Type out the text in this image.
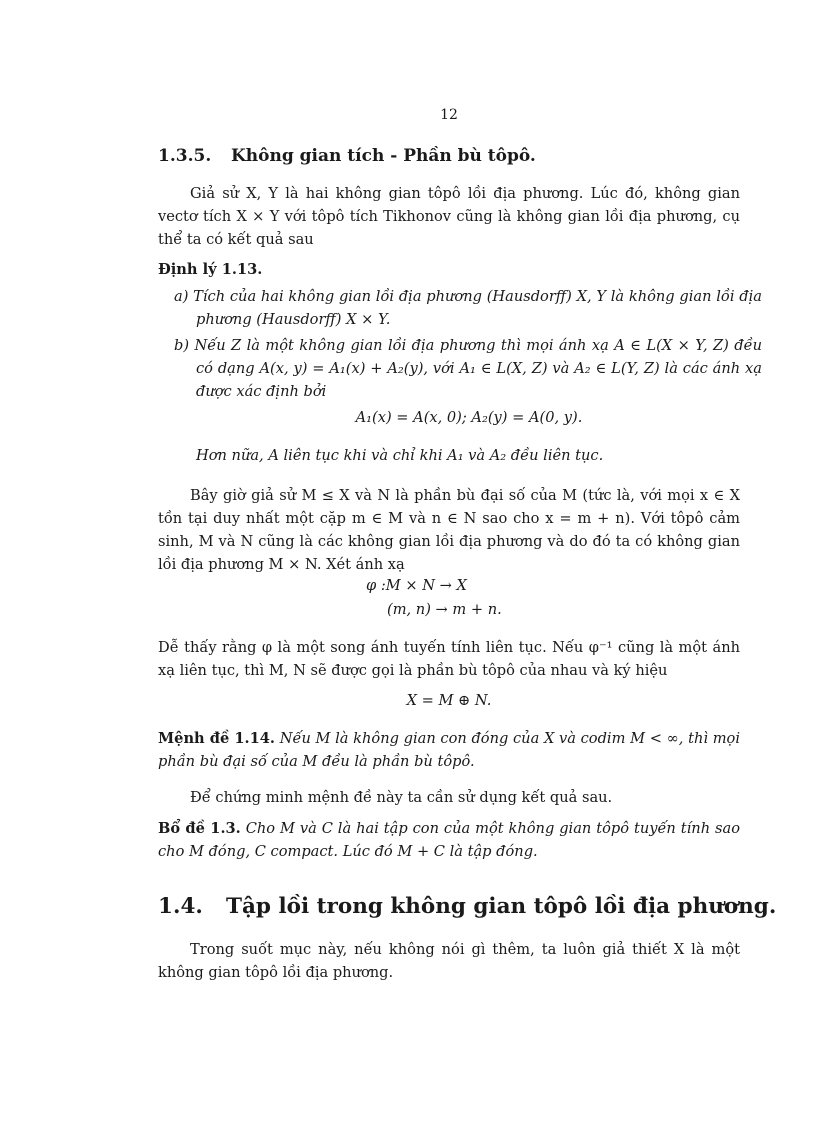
12
1.3.5. Không gian tích - Phần bù tôpô.
Giả sử X, Y là hai không gian tôpô lồi địa phương. Lúc đó, không gian vectơ tích X × Y với tôpô tích Tikhonov cũng là không gian lồi địa phương, cụ thể ta có kết quả sau
Định lý 1.13.
a) Tích của hai không gian lồi địa phương (Hausdorff) X, Y là không gian lồi địa phương (Hausdorff) X × Y.
b) Nếu Z là một không gian lồi địa phương thì mọi ánh xạ A ∈ L(X × Y, Z) đều có dạng A(x, y) = A₁(x) + A₂(y), với A₁ ∈ L(X, Z) và A₂ ∈ L(Y, Z) là các ánh xạ được xác định bởi
A₁(x) = A(x, 0); A₂(y) = A(0, y).
Hơn nữa, A liên tục khi và chỉ khi A₁ và A₂ đều liên tục.
Bây giờ giả sử M ≤ X và N là phần bù đại số của M (tức là, với mọi x ∈ X tồn tại duy nhất một cặp m ∈ M và n ∈ N sao cho x = m + n). Với tôpô cảm sinh, M và N cũng là các không gian lồi địa phương và do đó ta có không gian lồi địa phương M × N. Xét ánh xạ
φ :M × N → X
(m, n) → m + n.
Dễ thấy rằng φ là một song ánh tuyến tính liên tục. Nếu φ⁻¹ cũng là một ánh xạ liên tục, thì M, N sẽ được gọi là phần bù tôpô của nhau và ký hiệu
X = M ⊕ N.
Mệnh đề 1.14. Nếu M là không gian con đóng của X và codim M < ∞, thì mọi phần bù đại số của M đều là phần bù tôpô.
Để chứng minh mệnh đề này ta cần sử dụng kết quả sau.
Bổ đề 1.3. Cho M và C là hai tập con của một không gian tôpô tuyến tính sao cho M đóng, C compact. Lúc đó M + C là tập đóng.
1.4. Tập lồi trong không gian tôpô lồi địa phương.
Trong suốt mục này, nếu không nói gì thêm, ta luôn giả thiết X là một không gian tôpô lồi địa phương.
